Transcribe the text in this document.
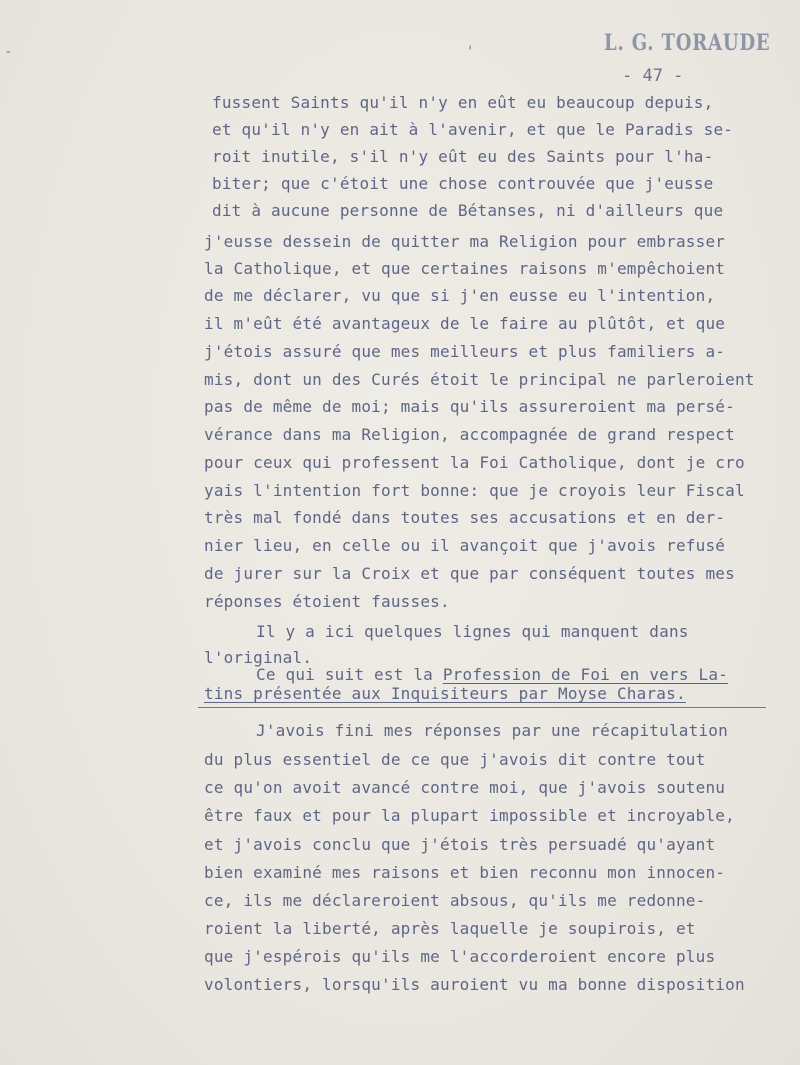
L. G. TORAUDE
- 47 -
-	'
fussent Saints qu'il n'y en eût eu beaucoup depuis,
et qu'il n'y en ait à l'avenir, et que le Paradis se-
roit inutile, s'il n'y eût eu des Saints pour l'ha-
biter; que c'étoit une chose controuvée que j'eusse
dit à aucune personne de Bétanses, ni d'ailleurs que
j'eusse dessein de quitter ma Religion pour embrasser
la Catholique, et que certaines raisons m'empêchoient
de me déclarer, vu que si j'en eusse eu l'intention,
il m'eût été avantageux de le faire au plûtôt, et que
j'étois assuré que mes meilleurs et plus familiers a-
mis, dont un des Curés étoit le principal ne parleroient
pas de même de moi; mais qu'ils assureroient ma persé-
vérance dans ma Religion, accompagnée de grand respect
pour ceux qui professent la Foi Catholique, dont je cro
yais l'intention fort bonne: que je croyois leur Fiscal
très mal fondé dans toutes ses accusations et en der-
nier lieu, en celle ou il avançoit que j'avois refusé
de jurer sur la Croix et que par conséquent toutes mes
réponses étoient fausses.
Il y a ici quelques lignes qui manquent dans
l'original.
Ce qui suit est la Profession de Foi en vers La-
tins présentée aux Inquisiteurs par Moyse Charas.
J'avois fini mes réponses par une récapitulation
du plus essentiel de ce que j'avois dit contre tout
ce qu'on avoit avancé contre moi, que j'avois soutenu
être faux et pour la plupart impossible et incroyable,
et j'avois conclu que j'étois très persuadé qu'ayant
bien examiné mes raisons et bien reconnu mon innocen-
ce, ils me déclareroient absous, qu'ils me redonne-
roient la liberté, après laquelle je soupirois, et
que j'espérois qu'ils me l'accorderoient encore plus
volontiers, lorsqu'ils auroient vu ma bonne disposition
